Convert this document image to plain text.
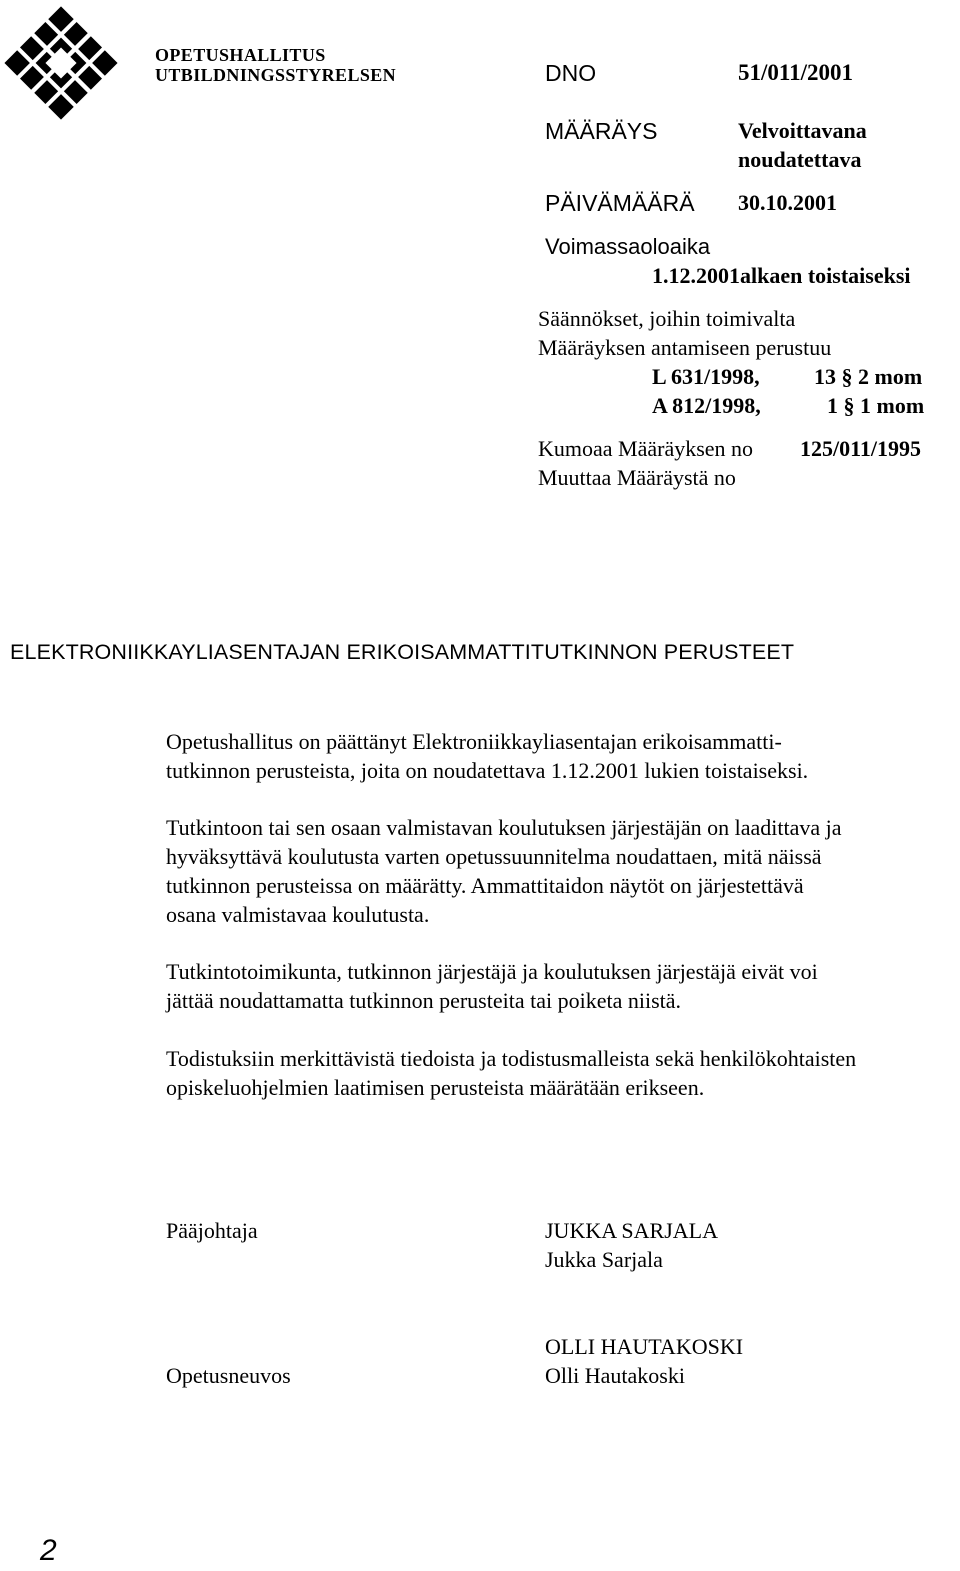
OPETUSHALLITUS
UTBILDNINGSSTYRELSEN	DNO	51/011/2001
MÄÄRÄYS	Velvoittavana
noudatettava
PÄIVÄMÄÄRÄ 30.10.2001
Voimassaoloaika
1.12.2001alkaen toistaiseksi
Säännökset, joihin toimivalta
Määräyksen antamiseen perustuu
L 631/1998, 13 § 2 mom
A 812/1998,	1 § 1 mom
Kumoaa Määräyksen no 125/011/1995
Muuttaa Määräystä no
ELEKTRONIIKKAYLIASENTAJAN ERIKOISAMMATTITUTKINNON PERUSTEET
Opetushallitus on päättänyt Elektroniikkayliasentajan erikoisammatti-
tutkinnon perusteista, joita on noudatettava 1.12.2001 lukien toistaiseksi.
Tutkintoon tai sen osaan valmistavan koulutuksen järjestäjän on laadittava ja
hyväksyttävä koulutusta varten opetussuunnitelma noudattaen, mitä näissä
tutkinnon perusteissa on määrätty. Ammattitaidon näytöt on järjestettävä
osana valmistavaa koulutusta.
Tutkintotoimikunta, tutkinnon järjestäjä ja koulutuksen järjestäjä eivät voi
jättää noudattamatta tutkinnon perusteita tai poiketa niistä.
Todistuksiin merkittävistä tiedoista ja todistusmalleista sekä henkilökohtaisten
opiskeluohjelmien laatimisen perusteista määrätään erikseen.
Pääjohtaja	JUKKA SARJALA
Jukka Sarjala
OLLI HAUTAKOSKI
Opetusneuvos	Olli Hautakoski
2
